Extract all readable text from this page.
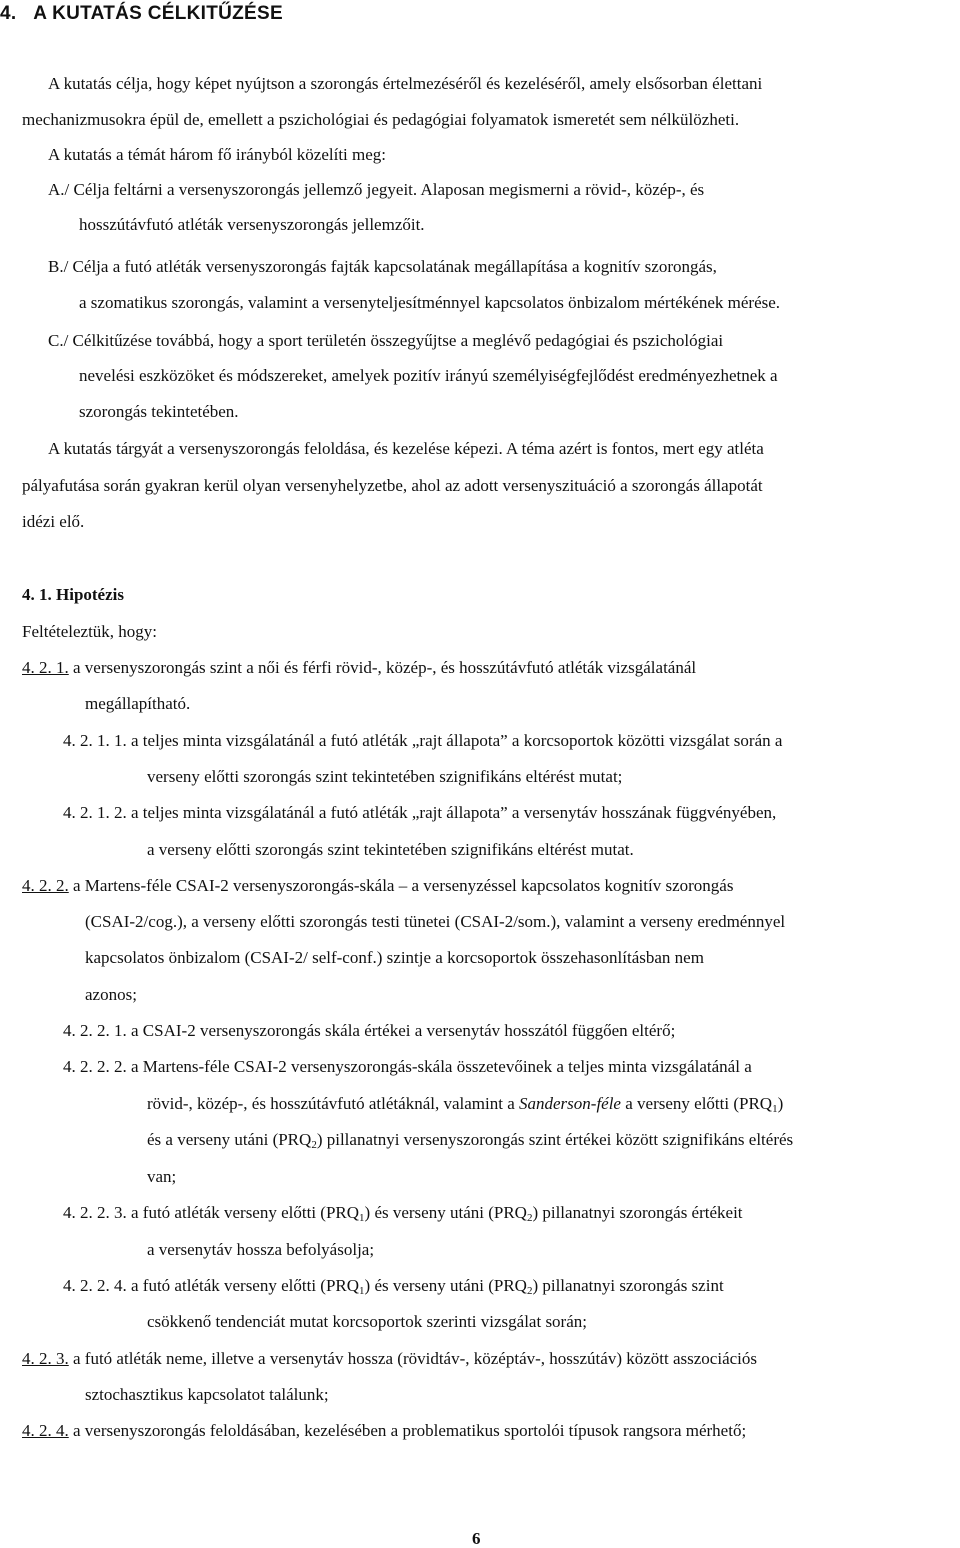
4. A KUTATÁS CÉLKITŰZÉSE
A kutatás célja, hogy képet nyújtson a szorongás értelmezéséről és kezeléséről, amely elsősorban élettani
mechanizmusokra épül de, emellett a pszichológiai és pedagógiai folyamatok ismeretét sem nélkülözheti.
A kutatás a témát három fő irányból közelíti meg:
A./ Célja feltárni a versenyszorongás jellemző jegyeit. Alaposan megismerni a rövid-, közép-, és
hosszútávfutó atléták versenyszorongás jellemzőit.
B./ Célja a futó atléták versenyszorongás fajták kapcsolatának megállapítása a kognitív szorongás,
a szomatikus szorongás, valamint a versenyteljesítménnyel kapcsolatos önbizalom mértékének mérése.
C./ Célkitűzése továbbá, hogy a sport területén összegyűjtse a meglévő pedagógiai és pszichológiai
nevelési eszközöket és módszereket, amelyek pozitív irányú személyiségfejlődést eredményezhetnek a
szorongás tekintetében.
A kutatás tárgyát a versenyszorongás feloldása, és kezelése képezi. A téma azért is fontos, mert egy atléta
pályafutása során gyakran kerül olyan versenyhelyzetbe, ahol az adott versenyszituáció a szorongás állapotát
idézi elő.
4. 1. Hipotézis
Feltételeztük, hogy:
4. 2. 1. a versenyszorongás szint a női és férfi rövid-, közép-, és hosszútávfutó atléták vizsgálatánál
megállapítható.
4. 2. 1. 1. a teljes minta vizsgálatánál a futó atléták „rajt állapota” a korcsoportok közötti vizsgálat során a
verseny előtti szorongás szint tekintetében szignifikáns eltérést mutat;
4. 2. 1. 2. a teljes minta vizsgálatánál a futó atléták „rajt állapota” a versenytáv hosszának függvényében,
a verseny előtti szorongás szint tekintetében szignifikáns eltérést mutat.
4. 2. 2. a Martens-féle CSAI-2 versenyszorongás-skála – a versenyzéssel kapcsolatos kognitív szorongás
(CSAI-2/cog.), a verseny előtti szorongás testi tünetei (CSAI-2/som.), valamint a verseny eredménnyel
kapcsolatos önbizalom (CSAI-2/ self-conf.) szintje a korcsoportok összehasonlításban nem
azonos;
4. 2. 2. 1. a CSAI-2 versenyszorongás skála értékei a versenytáv hosszától függően eltérő;
4. 2. 2. 2. a Martens-féle CSAI-2 versenyszorongás-skála összetevőinek a teljes minta vizsgálatánál a
rövid-, közép-, és hosszútávfutó atlétáknál, valamint a Sanderson-féle a verseny előtti $(PRQ_1)$
és a verseny utáni $(PRQ_2)$ pillanatnyi versenyszorongás szint értékei között szignifikáns eltérés
van;
4. 2. 2. 3. a futó atléták verseny előtti $(PRQ_1)$ és verseny utáni $(PRQ_2)$ pillanatnyi szorongás értékeit
a versenytáv hossza befolyásolja;
4. 2. 2. 4. a futó atléták verseny előtti $(PRQ_1)$ és verseny utáni $(PRQ_2)$ pillanatnyi szorongás szint
csökkenő tendenciát mutat korcsoportok szerinti vizsgálat során;
4. 2. 3. a futó atléták neme, illetve a versenytáv hossza (rövidtáv-, középtáv-, hosszútáv) között asszociációs
sztochasztikus kapcsolatot találunk;
4. 2. 4. a versenyszorongás feloldásában, kezelésében a problematikus sportolói típusok rangsora mérhető;
6
